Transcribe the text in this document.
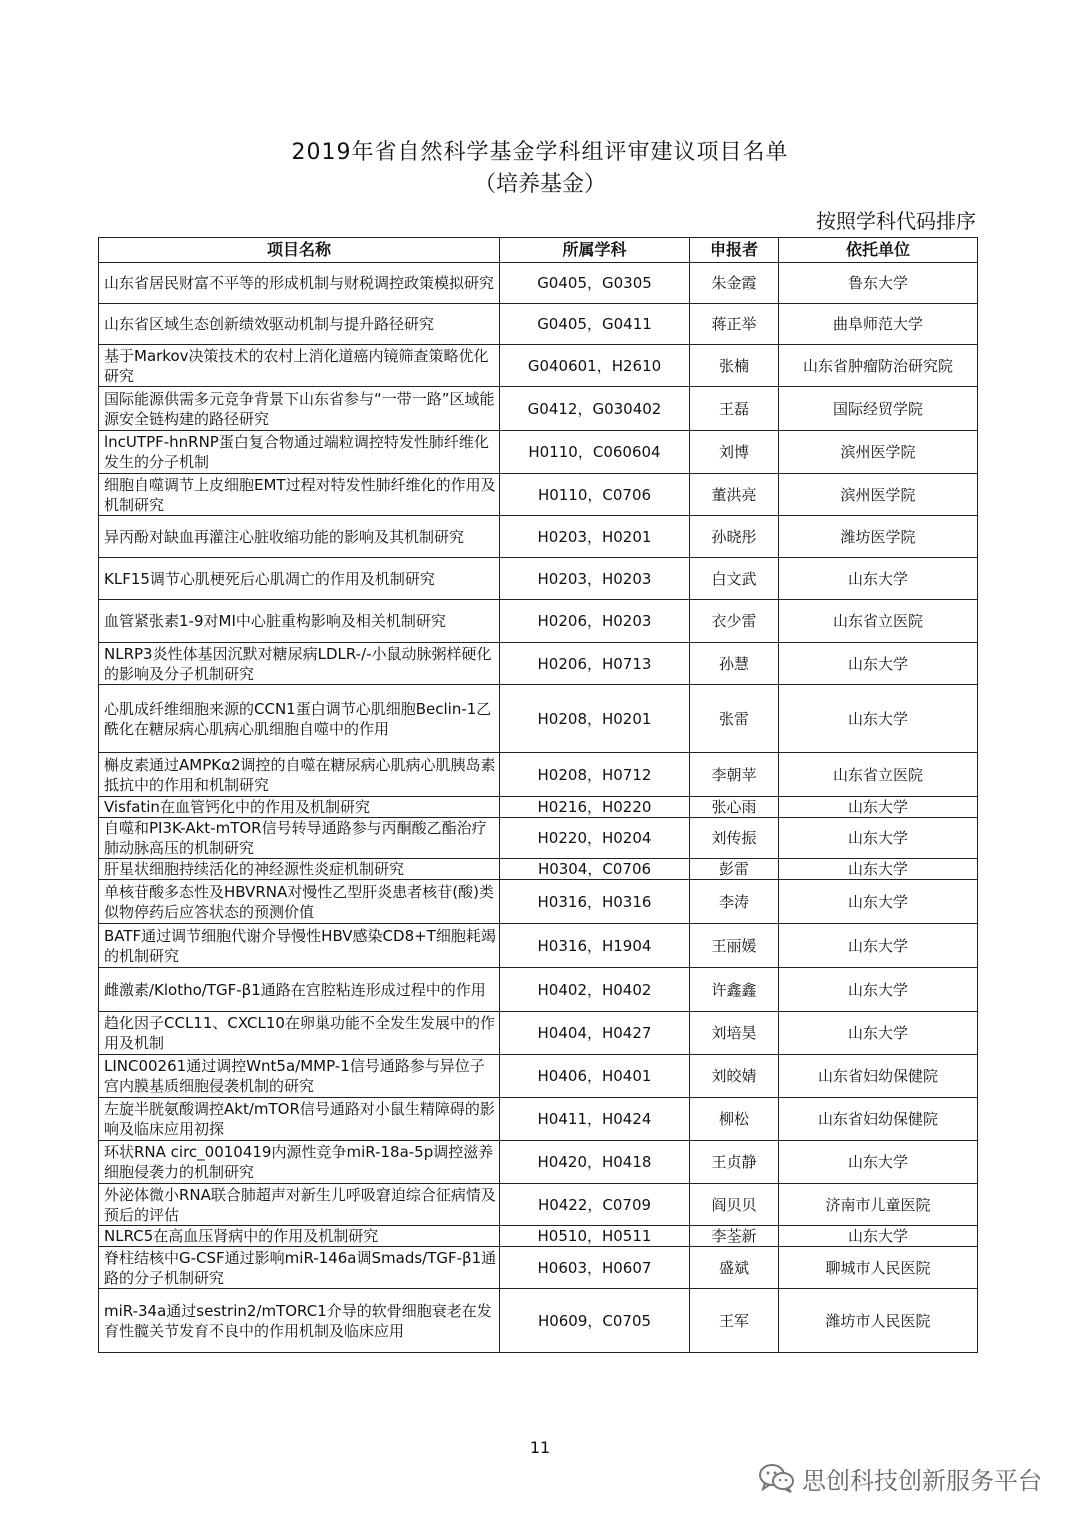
2019年省自然科学基金学科组评审建议项目名单
（培养基金）
按照学科代码排序
项目名称	所属学科	申报者	依托单位
山东省居民财富不平等的形成机制与财税调控政策模拟研究	G0405，G0305	朱金霞	鲁东大学
山东省区域生态创新绩效驱动机制与提升路径研究	G0405，G0411	蒋正举	曲阜师范大学
基于Markov决策技术的农村上消化道癌内镜筛查策略优化研究	G040601，H2610	张楠	山东省肿瘤防治研究院
国际能源供需多元竞争背景下山东省参与“一带一路”区域能源安全链构建的路径研究	G0412，G030402	王磊	国际经贸学院
lncUTPF-hnRNP蛋白复合物通过端粒调控特发性肺纤维化发生的分子机制	H0110，C060604	刘博	滨州医学院
细胞自噬调节上皮细胞EMT过程对特发性肺纤维化的作用及机制研究	H0110，C0706	董洪亮	滨州医学院
异丙酚对缺血再灌注心脏收缩功能的影响及其机制研究	H0203，H0201	孙晓彤	潍坊医学院
KLF15调节心肌梗死后心肌凋亡的作用及机制研究	H0203，H0203	白文武	山东大学
血管紧张素1-9对MI中心脏重构影响及相关机制研究	H0206，H0203	衣少雷	山东省立医院
NLRP3炎性体基因沉默对糖尿病LDLR-/-小鼠动脉粥样硬化的影响及分子机制研究	H0206，H0713	孙慧	山东大学
心肌成纤维细胞来源的CCN1蛋白调节心肌细胞Beclin-1乙酰化在糖尿病心肌病心肌细胞自噬中的作用	H0208，H0201	张雷	山东大学
槲皮素通过AMPKα2调控的自噬在糖尿病心肌病心肌胰岛素抵抗中的作用和机制研究	H0208，H0712	李朝苹	山东省立医院
Visfatin在血管钙化中的作用及机制研究	H0216，H0220	张心雨	山东大学
自噬和PI3K-Akt-mTOR信号转导通路参与丙酮酸乙酯治疗肺动脉高压的机制研究	H0220，H0204	刘传振	山东大学
肝星状细胞持续活化的神经源性炎症机制研究	H0304，C0706	彭雷	山东大学
单核苷酸多态性及HBVRNA对慢性乙型肝炎患者核苷(酸)类似物停药后应答状态的预测价值	H0316，H0316	李涛	山东大学
BATF通过调节细胞代谢介导慢性HBV感染CD8+T细胞耗竭的机制研究	H0316，H1904	王丽媛	山东大学
雌激素/Klotho/TGF-β1通路在宫腔粘连形成过程中的作用	H0402，H0402	许鑫鑫	山东大学
趋化因子CCL11、CXCL10在卵巢功能不全发生发展中的作用及机制	H0404，H0427	刘培昊	山东大学
LINC00261通过调控Wnt5a/MMP-1信号通路参与异位子宫内膜基质细胞侵袭机制的研究	H0406，H0401	刘皎婧	山东省妇幼保健院
左旋半胱氨酸调控Akt/mTOR信号通路对小鼠生精障碍的影响及临床应用初探	H0411，H0424	柳松	山东省妇幼保健院
环状RNA circ_0010419内源性竞争miR-18a-5p调控滋养细胞侵袭力的机制研究	H0420，H0418	王贞静	山东大学
外泌体微小RNA联合肺超声对新生儿呼吸窘迫综合征病情及预后的评估	H0422，C0709	阎贝贝	济南市儿童医院
NLRC5在高血压肾病中的作用及机制研究	H0510，H0511	李荃新	山东大学
脊柱结核中G-CSF通过影响miR-146a调Smads/TGF-β1通路的分子机制研究	H0603，H0607	盛斌	聊城市人民医院
miR-34a通过sestrin2/mTORC1介导的软骨细胞衰老在发育性髋关节发育不良中的作用机制及临床应用	H0609，C0705	王军	潍坊市人民医院
11
思创科技创新服务平台
